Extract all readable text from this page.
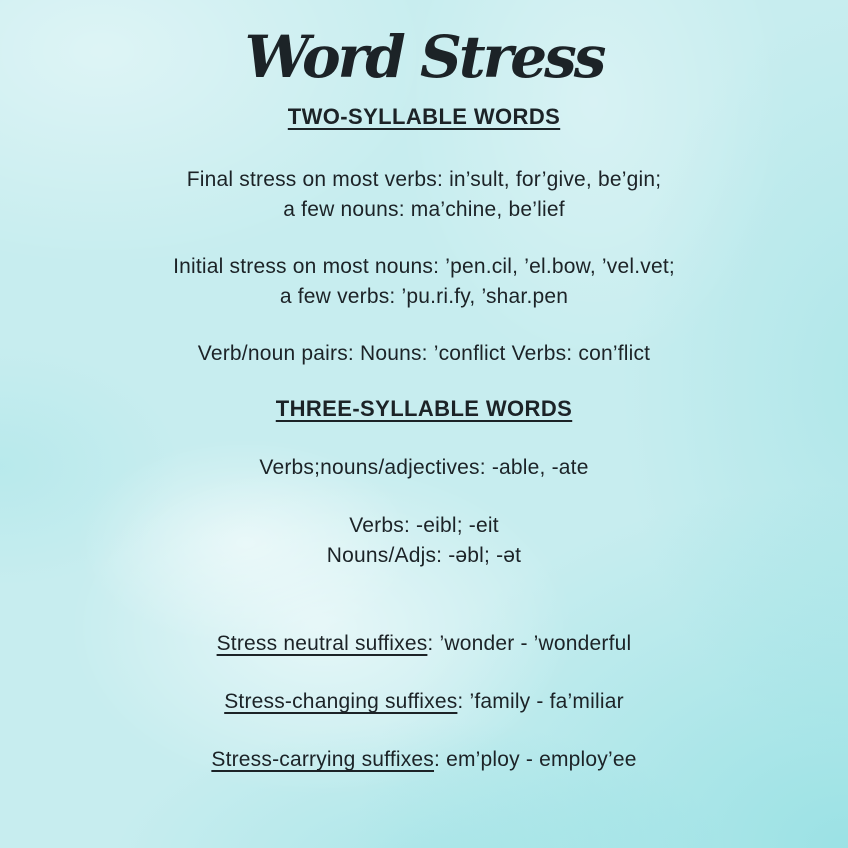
Word Stress
TWO-SYLLABLE WORDS
Final stress on most verbs: in’sult, for’give, be’gin;
a few nouns: ma’chine, be’lief
Initial stress on most nouns: ’pen.cil, ’el.bow, ’vel.vet;
a few verbs: ’pu.ri.fy, ’shar.pen
Verb/noun pairs: Nouns: ’conflict Verbs: con’flict
THREE-SYLLABLE WORDS
Verbs;nouns/adjectives: -able, -ate
Verbs: -eibl; -eit
Nouns/Adjs: -əbl; -ət
Stress neutral suffixes: ’wonder - ’wonderful
Stress-changing suffixes: ’family - fa’miliar
Stress-carrying suffixes: em’ploy - employ’ee
